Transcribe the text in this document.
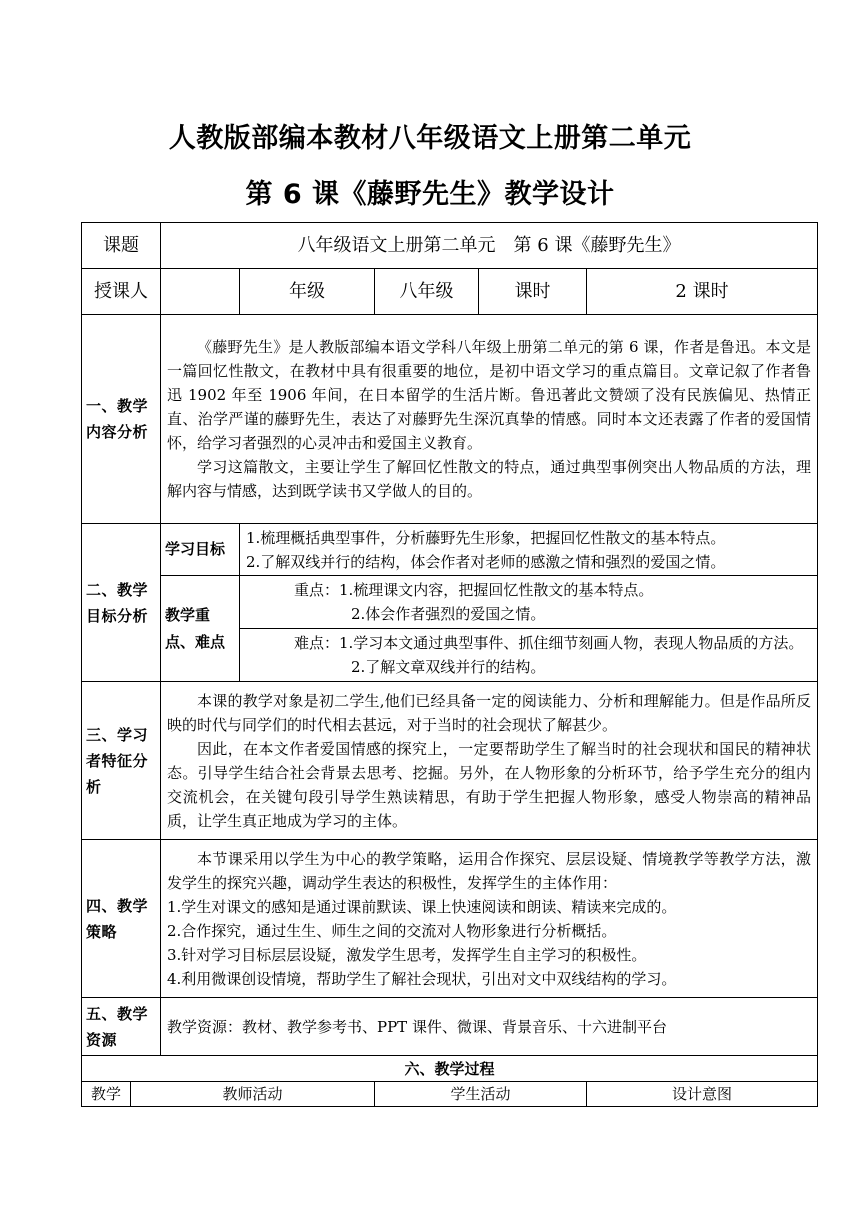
人教版部编本教材八年级语文上册第二单元
第 6 课《藤野先生》教学设计
课题		八年级语文上册第二单元　第 6 课《藤野先生》				
授课人			年级	八年级	课时	2 课时
一、教学内容分析		《藤野先生》是人教版部编本语文学科八年级上册第二单元的第 6 课，作者是鲁迅。本文是一篇回忆性散文，在教材中具有很重要的地位，是初中语文学习的重点篇目。文章记叙了作者鲁迅 1902 年至 1906 年间，在日本留学的生活片断。鲁迅著此文赞颂了没有民族偏见、热情正直、治学严谨的藤野先生，表达了对藤野先生深沉真挚的情感。同时本文还表露了作者的爱国情怀，给学习者强烈的心灵冲击和爱国主义教育。

学习这篇散文，主要让学生了解回忆性散文的特点，通过典型事例突出人物品质的方法，理解内容与情感，达到既学读书又学做人的目的。				

二、教学目标分析		学习目标	1.梳理概括典型事件，分析藤野先生形象，把握回忆性散文的基本特点。

2.了解双线并行的结构，体会作者对老师的感激之情和强烈的爱国之情。			

		教学重点、难点	重点：1.梳理课文内容，把握回忆性散文的基本特点。
2.体会作者强烈的爱国之情。
难点：1.学习本文通过典型事件、抓住细节刻画人物，表现人物品质的方法。
2.了解文章双线并行的结构。			

三、学习者特征分析		本课的教学对象是初二学生,他们已经具备一定的阅读能力、分析和理解能力。但是作品所反映的时代与同学们的时代相去甚远，对于当时的社会现状了解甚少。

因此，在本文作者爱国情感的探究上，一定要帮助学生了解当时的社会现状和国民的精神状态。引导学生结合社会背景去思考、挖掘。另外，在人物形象的分析环节，给予学生充分的组内交流机会，在关键句段引导学生熟读精思，有助于学生把握人物形象，感受人物崇高的精神品质，让学生真正地成为学习的主体。				

四、教学策略		本节课采用以学生为中心的教学策略，运用合作探究、层层设疑、情境教学等教学方法，激发学生的探究兴趣，调动学生表达的积极性，发挥学生的主体作用：

1.学生对课文的感知是通过课前默读、课上快速阅读和朗读、精读来完成的。

2.合作探究，通过生生、师生之间的交流对人物形象进行分析概括。

3.针对学习目标层层设疑，激发学生思考，发挥学生自主学习的积极性。

4.利用微课创设情境，帮助学生了解社会现状，引出对文中双线结构的学习。				

五、教学资源		教学资源：教材、教学参考书、PPT 课件、微课、背景音乐、十六进制平台				
六、教学过程						
教学	教师活动			学生活动		设计意图
